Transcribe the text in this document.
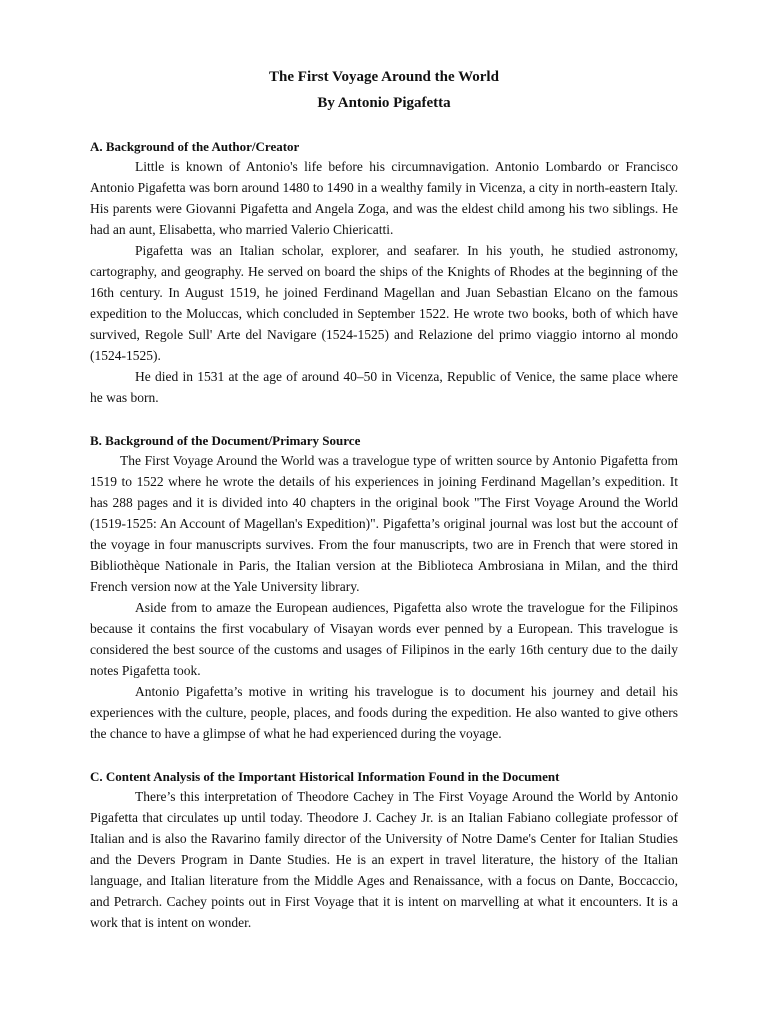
The First Voyage Around the World
By Antonio Pigafetta
A. Background of the Author/Creator

Little is known of Antonio's life before his circumnavigation. Antonio Lombardo or Francisco Antonio Pigafetta was born around 1480 to 1490 in a wealthy family in Vicenza, a city in north-eastern Italy. His parents were Giovanni Pigafetta and Angela Zoga, and was the eldest child among his two siblings. He had an aunt, Elisabetta, who married Valerio Chiericatti.

Pigafetta was an Italian scholar, explorer, and seafarer. In his youth, he studied astronomy, cartography, and geography. He served on board the ships of the Knights of Rhodes at the beginning of the 16th century. In August 1519, he joined Ferdinand Magellan and Juan Sebastian Elcano on the famous expedition to the Moluccas, which concluded in September 1522. He wrote two books, both of which have survived, Regole Sull' Arte del Navigare (1524-1525) and Relazione del primo viaggio intorno al mondo (1524-1525).

He died in 1531 at the age of around 40–50 in Vicenza, Republic of Venice, the same place where he was born.

B. Background of the Document/Primary Source

The First Voyage Around the World was a travelogue type of written source by Antonio Pigafetta from 1519 to 1522 where he wrote the details of his experiences in joining Ferdinand Magellan’s expedition. It has 288 pages and it is divided into 40 chapters in the original book "The First Voyage Around the World (1519-1525: An Account of Magellan's Expedition)". Pigafetta’s original journal was lost but the account of the voyage in four manuscripts survives. From the four manuscripts, two are in French that were stored in Bibliothèque Nationale in Paris, the Italian version at the Biblioteca Ambrosiana in Milan, and the third French version now at the Yale University library.

Aside from to amaze the European audiences, Pigafetta also wrote the travelogue for the Filipinos because it contains the first vocabulary of Visayan words ever penned by a European. This travelogue is considered the best source of the customs and usages of Filipinos in the early 16th century due to the daily notes Pigafetta took.

Antonio Pigafetta’s motive in writing his travelogue is to document his journey and detail his experiences with the culture, people, places, and foods during the expedition. He also wanted to give others the chance to have a glimpse of what he had experienced during the voyage.

C. Content Analysis of the Important Historical Information Found in the Document

There’s this interpretation of Theodore Cachey in The First Voyage Around the World by Antonio Pigafetta that circulates up until today. Theodore J. Cachey Jr. is an Italian Fabiano collegiate professor of Italian and is also the Ravarino family director of the University of Notre Dame's Center for Italian Studies and the Devers Program in Dante Studies. He is an expert in travel literature, the history of the Italian language, and Italian literature from the Middle Ages and Renaissance, with a focus on Dante, Boccaccio, and Petrarch. Cachey points out in First Voyage that it is intent on marvelling at what it encounters. It is a work that is intent on wonder.
